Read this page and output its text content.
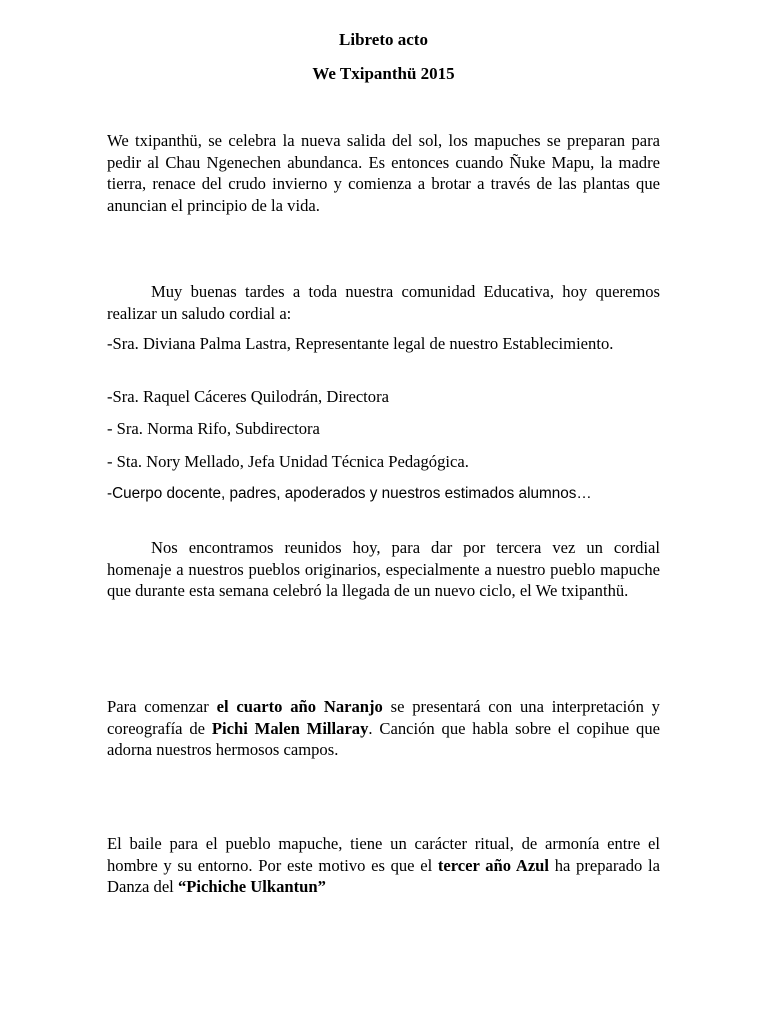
Libreto acto
We Txipanthü 2015

We txipanthü, se celebra la nueva salida del sol, los mapuches se preparan para pedir al Chau Ngenechen abundanca. Es entonces cuando Ñuke Mapu, la madre tierra, renace del crudo invierno y comienza a brotar a través de las plantas que anuncian el principio de la vida.

Muy buenas tardes a toda nuestra comunidad Educativa, hoy queremos realizar un saludo cordial a:

-Sra. Diviana Palma Lastra, Representante legal de nuestro Establecimiento.

-Sra. Raquel Cáceres Quilodrán, Directora

- Sra. Norma Rifo, Subdirectora

- Sta. Nory Mellado, Jefa Unidad Técnica Pedagógica.

-Cuerpo docente, padres, apoderados y nuestros estimados alumnos…

Nos encontramos reunidos hoy, para dar por tercera vez un cordial homenaje a nuestros pueblos originarios, especialmente a nuestro pueblo mapuche que durante esta semana celebró la llegada de un nuevo ciclo, el We txipanthü.

Para comenzar el cuarto año Naranjo se presentará con una interpretación y coreografía de Pichi Malen Millaray. Canción que habla sobre el copihue que adorna nuestros hermosos campos.

El baile para el pueblo mapuche, tiene un carácter ritual, de armonía entre el hombre y su entorno. Por este motivo es que el tercer año Azul ha preparado la Danza del “Pichiche Ulkantun”
